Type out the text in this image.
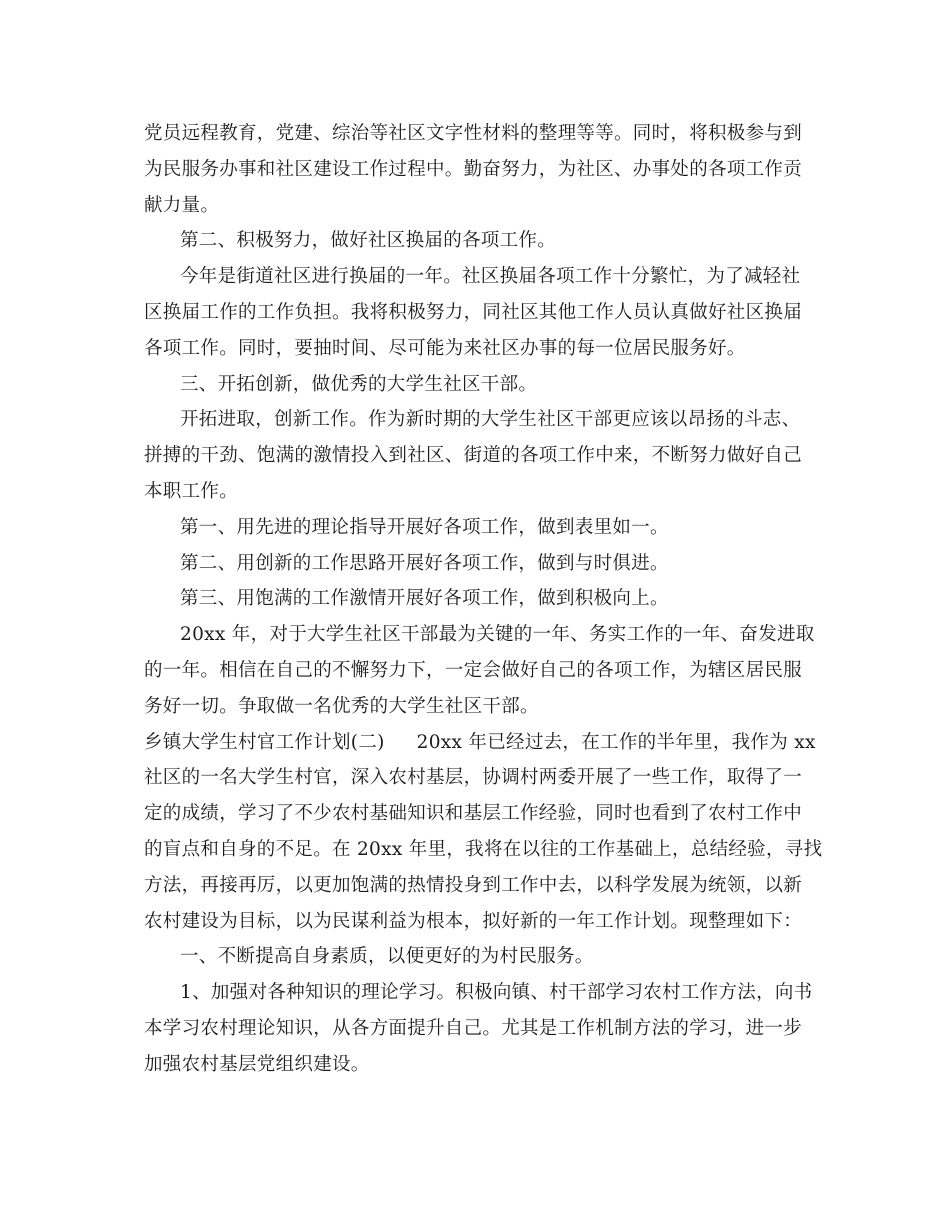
党员远程教育，党建、综治等社区文字性材料的整理等等。同时，将积极参与到
为民服务办事和社区建设工作过程中。勤奋努力，为社区、办事处的各项工作贡
献力量。
第二、积极努力，做好社区换届的各项工作。
今年是街道社区进行换届的一年。社区换届各项工作十分繁忙，为了减轻社
区换届工作的工作负担。我将积极努力，同社区其他工作人员认真做好社区换届
各项工作。同时，要抽时间、尽可能为来社区办事的每一位居民服务好。
三、开拓创新，做优秀的大学生社区干部。
开拓进取，创新工作。作为新时期的大学生社区干部更应该以昂扬的斗志、
拼搏的干劲、饱满的激情投入到社区、街道的各项工作中来，不断努力做好自己
本职工作。
第一、用先进的理论指导开展好各项工作，做到表里如一。
第二、用创新的工作思路开展好各项工作，做到与时俱进。
第三、用饱满的工作激情开展好各项工作，做到积极向上。
20xx 年，对于大学生社区干部最为关键的一年、务实工作的一年、奋发进取
的一年。相信在自己的不懈努力下，一定会做好自己的各项工作，为辖区居民服
务好一切。争取做一名优秀的大学生社区干部。
乡镇大学生村官工作计划(二) 20xx 年已经过去，在工作的半年里，我作为 xx
社区的一名大学生村官，深入农村基层，协调村两委开展了一些工作，取得了一
定的成绩，学习了不少农村基础知识和基层工作经验，同时也看到了农村工作中
的盲点和自身的不足。在 20xx 年里，我将在以往的工作基础上，总结经验，寻找
方法，再接再厉，以更加饱满的热情投身到工作中去，以科学发展为统领，以新
农村建设为目标，以为民谋利益为根本，拟好新的一年工作计划。现整理如下：
一、不断提高自身素质，以便更好的为村民服务。
1、加强对各种知识的理论学习。积极向镇、村干部学习农村工作方法，向书
本学习农村理论知识，从各方面提升自己。尤其是工作机制方法的学习，进一步
加强农村基层党组织建设。
